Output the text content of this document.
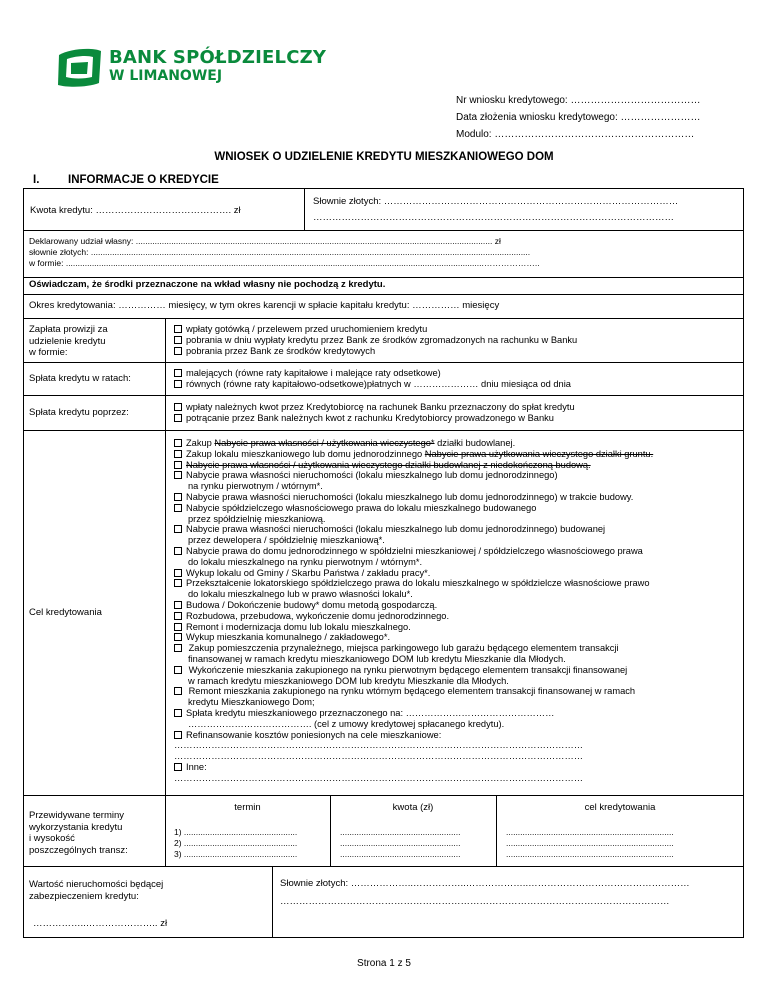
BANK SPÓŁDZIELCZY
W LIMANOWEJ
Nr wniosku kredytowego: …………………………………
Data złożenia wniosku kredytowego: ……………………
Modulo: ……………………………………………………
WNIOSEK O UDZIELENIE KREDYTU MIESZKANIOWEGO DOM
I. INFORMACJE O KREDYCIE
Kwota kredytu: ……………………………………. zł
Słownie złotych: …………………………………………………………………………………
……………………………………………………………………………………………………
Deklarowany udział własny: ....................................................................................................................................................... zł
słownie złotych: ..........................................................................................................................................................................................
w formie: .................................................................................................................................................................................………………..
Oświadczam, że środki przeznaczone na wkład własny nie pochodzą z kredytu.
Okres kredytowania: …………… miesięcy, w tym okres karencji w spłacie kapitału kredytu: …………… miesięcy
Zapłata prowizji za
udzielenie kredytu
w formie:
wpłaty gotówką / przelewem przed uruchomieniem kredytu
pobrania w dniu wypłaty kredytu przez Bank ze środków zgromadzonych na rachunku w Banku
pobrania przez Bank ze środków kredytowych
Spłata kredytu w ratach:	malejących (równe raty kapitałowe i malejące raty odsetkowe)
równych (równe raty kapitałowo-odsetkowe)płatnych w ………………… dniu miesiąca od dnia
Spłata kredytu poprzez:	wpłaty należnych kwot przez Kredytobiorcę na rachunek Banku przeznaczony do spłat kredytu
potrącanie przez Bank należnych kwot z rachunku Kredytobiorcy prowadzonego w Banku
Cel kredytowania
Zakup Nabycie prawa własności / użytkowania wieczystego* działki budowlanej.
Zakup lokalu mieszkaniowego lub domu jednorodzinnego Nabycie prawa użytkowania wieczystego działki gruntu.
Nabycie prawa własności / użytkowania wieczystego działki budowlanej z niedokończoną budową.
Nabycie prawa własności nieruchomości (lokalu mieszkalnego lub domu jednorodzinnego)
na rynku pierwotnym / wtórnym*.
Nabycie prawa własności nieruchomości (lokalu mieszkalnego lub domu jednorodzinnego) w trakcie budowy.
Nabycie spółdzielczego własnościowego prawa do lokalu mieszkalnego budowanego
przez spółdzielnię mieszkaniową.
Nabycie prawa własności nieruchomości (lokalu mieszkalnego lub domu jednorodzinnego) budowanej
przez dewelopera / spółdzielnię mieszkaniową*.
Nabycie prawa do domu jednorodzinnego w spółdzielni mieszkaniowej / spółdzielczego własnościowego prawa
do lokalu mieszkalnego na rynku pierwotnym / wtórnym*.
Wykup lokalu od Gminy / Skarbu Państwa / zakładu pracy*.
Przekształcenie lokatorskiego spółdzielczego prawa do lokalu mieszkalnego w spółdzielcze własnościowe prawo
do lokalu mieszkalnego lub w prawo własności lokalu*.
Budowa / Dokończenie budowy* domu metodą gospodarczą.
Rozbudowa, przebudowa, wykończenie domu jednorodzinnego.
Remont i modernizacja domu lub lokalu mieszkalnego.
Wykup mieszkania komunalnego / zakładowego*.
Zakup pomieszczenia przynależnego, miejsca parkingowego lub garażu będącego elementem transakcji
finansowanej w ramach kredytu mieszkaniowego DOM lub kredytu Mieszkanie dla Młodych.
Wykończenie mieszkania zakupionego na rynku pierwotnym będącego elementem transakcji finansowanej
w ramach kredytu mieszkaniowego DOM lub kredytu Mieszkanie dla Młodych.
Remont mieszkania zakupionego na rynku wtórnym będącego elementem transakcji finansowanej w ramach
kredytu Mieszkaniowego Dom;
Spłata kredytu mieszkaniowego przeznaczonego na: …………………………………………
…………………………………. (cel z umowy kredytowej spłacanego kredytu).
Refinansowanie kosztów poniesionych na cele mieszkaniowe:
……………………………………………………………………………………………………………………
……………………………………………………………………………………………………………………
Inne:
……………………………………………………………………………………………………………………
Przewidywane terminy
wykorzystania kredytu
i wysokość
poszczególnych transz:
termin	kwota (zł)	cel kredytowania
1) ................................................	...................................................	.......................................................................
2) ................................................	...................................................	.......................................................................
3) ................................................	...................................................	.......................................................................
Wartość nieruchomości będącej
zabezpieczeniem kredytu:
……………..………………….. zł
Słownie złotych: ………………..……………..………………..……………………………………………
……………………………………………………………………………………………………………
Strona 1 z 5
